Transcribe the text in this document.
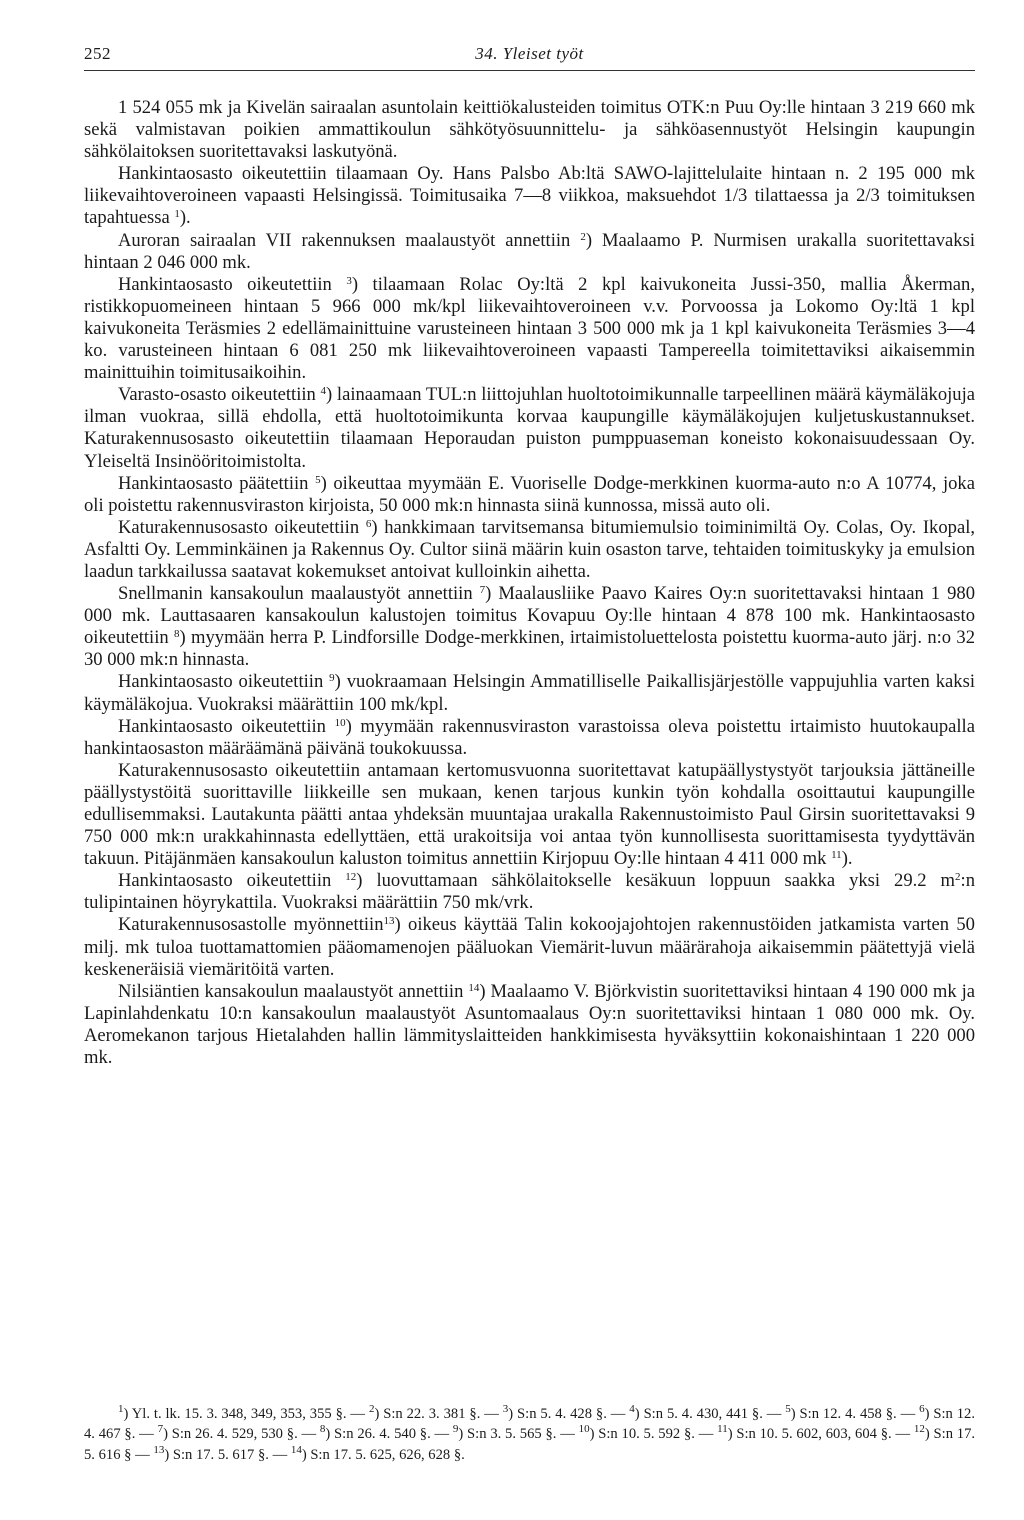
252	34. Yleiset työt

1 524 055 mk ja Kivelän sairaalan asuntolain keittiökalusteiden toimitus OTK:n Puu Oy:lle hintaan 3 219 660 mk sekä valmistavan poikien ammattikoulun sähkötyösuunnittelu- ja sähköasennustyöt Helsingin kaupungin sähkölaitoksen suoritettavaksi laskutyönä.

Hankintaosasto oikeutettiin tilaamaan Oy. Hans Palsbo Ab:ltä SAWO-lajittelulaite hintaan n. 2 195 000 mk liikevaihtoveroineen vapaasti Helsingissä. Toimitusaika 7—8 viikkoa, maksuehdot 1/3 tilattaessa ja 2/3 toimituksen tapahtuessa $^1$).

Auroran sairaalan VII rakennuksen maalaustyöt annettiin $^2$) Maalaamo P. Nurmisen urakalla suoritettavaksi hintaan 2 046 000 mk.

Hankintaosasto oikeutettiin $^3$) tilaamaan Rolac Oy:ltä 2 kpl kaivukoneita Jussi-350, mallia Åkerman, ristikkopuomeineen hintaan 5 966 000 mk/kpl liikevaihtoveroineen v.v. Porvoossa ja Lokomo Oy:ltä 1 kpl kaivukoneita Teräsmies 2 edellämainittuine varusteineen hintaan 3 500 000 mk ja 1 kpl kaivukoneita Teräsmies 3—4 ko. varusteineen hintaan 6 081 250 mk liikevaihtoveroineen vapaasti Tampereella toimitettaviksi aikaisemmin mainittuihin toimitusaikoihin.

Varasto-osasto oikeutettiin $^4$) lainaamaan TUL:n liittojuhlan huoltotoimikunnalle tarpeellinen määrä käymäläkojuja ilman vuokraa, sillä ehdolla, että huoltotoimikunta korvaa kaupungille käymäläkojujen kuljetuskustannukset. Katurakennusosasto oikeutettiin tilaamaan Heporaudan puiston pumppuaseman koneisto kokonaisuudessaan Oy. Yleiseltä Insinööritoimistolta.

Hankintaosasto päätettiin $^5$) oikeuttaa myymään E. Vuoriselle Dodge-merkkinen kuorma-auto n:o A 10774, joka oli poistettu rakennusviraston kirjoista, 50 000 mk:n hinnasta siinä kunnossa, missä auto oli.

Katurakennusosasto oikeutettiin $^6$) hankkimaan tarvitsemansa bitumiemulsio toiminimiltä Oy. Colas, Oy. Ikopal, Asfaltti Oy. Lemminkäinen ja Rakennus Oy. Cultor siinä määrin kuin osaston tarve, tehtaiden toimituskyky ja emulsion laadun tarkkailussa saatavat kokemukset antoivat kulloinkin aihetta.

Snellmanin kansakoulun maalaustyöt annettiin $^7$) Maalausliike Paavo Kaires Oy:n suoritettavaksi hintaan 1 980 000 mk. Lauttasaaren kansakoulun kalustojen toimitus Kovapuu Oy:lle hintaan 4 878 100 mk. Hankintaosasto oikeutettiin $^8$) myymään herra P. Lindforsille Dodge-merkkinen, irtaimistoluettelosta poistettu kuorma-auto järj. n:o 32 30 000 mk:n hinnasta.

Hankintaosasto oikeutettiin $^9$) vuokraamaan Helsingin Ammatilliselle Paikallisjärjestölle vappujuhlia varten kaksi käymäläkojua. Vuokraksi määrättiin 100 mk/kpl.

Hankintaosasto oikeutettiin $^{10}$) myymään rakennusviraston varastoissa oleva poistettu irtaimisto huutokaupalla hankintaosaston määräämänä päivänä toukokuussa.

Katurakennusosasto oikeutettiin antamaan kertomusvuonna suoritettavat katupäällystystyöt tarjouksia jättäneille päällystystöitä suorittaville liikkeille sen mukaan, kenen tarjous kunkin työn kohdalla osoittautui kaupungille edullisemmaksi. Lautakunta päätti antaa yhdeksän muuntajaa urakalla Rakennustoimisto Paul Girsin suoritettavaksi 9 750 000 mk:n urakkahinnasta edellyttäen, että urakoitsija voi antaa työn kunnollisesta suorittamisesta tyydyttävän takuun. Pitäjänmäen kansakoulun kaluston toimitus annettiin Kirjopuu Oy:lle hintaan 4 411 000 mk $^{11}$).

Hankintaosasto oikeutettiin $^{12}$) luovuttamaan sähkölaitokselle kesäkuun loppuun saakka yksi 29.2 $m^2:n$ tulipintainen höyrykattila. Vuokraksi määrättiin 750 mk/vrk.

Katurakennusosastolle myönnettiin$^{13}$) oikeus käyttää Talin kokoojajohtojen rakennustöiden jatkamista varten 50 milj. mk tuloa tuottamattomien pääomamenojen pääluokan Viemärit-luvun määrärahoja aikaisemmin päätettyjä vielä keskeneräisiä viemäritöitä varten.

Nilsiäntien kansakoulun maalaustyöt annettiin $^{14}$) Maalaamo V. Björkvistin suoritettaviksi hintaan 4 190 000 mk ja Lapinlahdenkatu 10:n kansakoulun maalaustyöt Asuntomaalaus Oy:n suoritettaviksi hintaan 1 080 000 mk. Oy. Aeromekanon tarjous Hietalahden hallin lämmityslaitteiden hankkimisesta hyväksyttiin kokonaishintaan 1 220 000 mk.

$^1$) Yl. t. lk. 15. 3. 348, 349, 353, 355 §. — $^2$) S:n 22. 3. 381 §. — $^3$) S:n 5. 4. 428 §. — $^4$) S:n 5. 4. 430, 441 §. — $^5$) S:n 12. 4. 458 §. — $^6$) S:n 12. 4. 467 §. — $^7$) S:n 26. 4. 529, 530 §. — $^8$) S:n 26. 4. 540 §. — $^9$) S:n 3. 5. 565 §. — $^{10}$) S:n 10. 5. 592 §. — $^{11}$) S:n 10. 5. 602, 603, 604 §. — $^{12}$) S:n 17. 5. 616 § — $^{13}$) S:n 17. 5. 617 §. — $^{14}$) S:n 17. 5. 625, 626, 628 §.
